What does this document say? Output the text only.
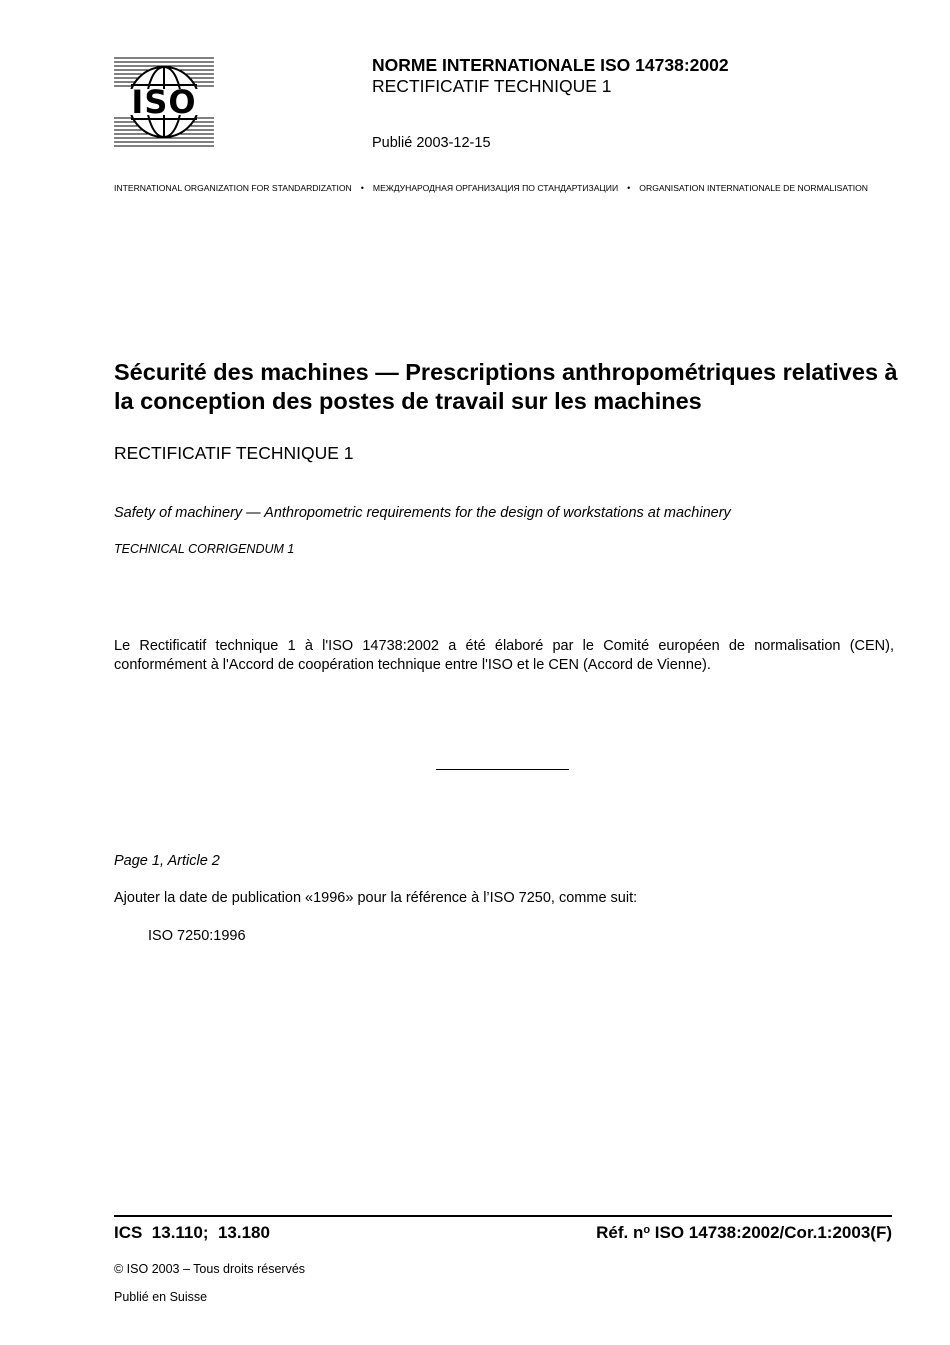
ISO
NORME INTERNATIONALE ISO 14738:2002
RECTIFICATIF TECHNIQUE 1
Publié 2003-12-15
INTERNATIONAL ORGANIZATION FOR STANDARDIZATION • МЕЖДУНАРОДНАЯ ОРГАНИЗАЦИЯ ПО СТАНДАРТИЗАЦИИ • ORGANISATION INTERNATIONALE DE NORMALISATION
Sécurité des machines — Prescriptions anthropométriques relatives à la conception des postes de travail sur les machines
RECTIFICATIF TECHNIQUE 1
Safety of machinery — Anthropometric requirements for the design of workstations at machinery
TECHNICAL CORRIGENDUM 1
Le Rectificatif technique 1 à l'ISO 14738:2002 a été élaboré par le Comité européen de normalisation (CEN), conformément à l'Accord de coopération technique entre l'ISO et le CEN (Accord de Vienne).
Page 1, Article 2
Ajouter la date de publication «1996» pour la référence à l’ISO 7250, comme suit:
ISO 7250:1996
ICS  13.110;  13.180	Réf. $n^o$ ISO 14738:2002/Cor.1:2003(F)
© ISO 2003 – Tous droits réservés
Publié en Suisse
